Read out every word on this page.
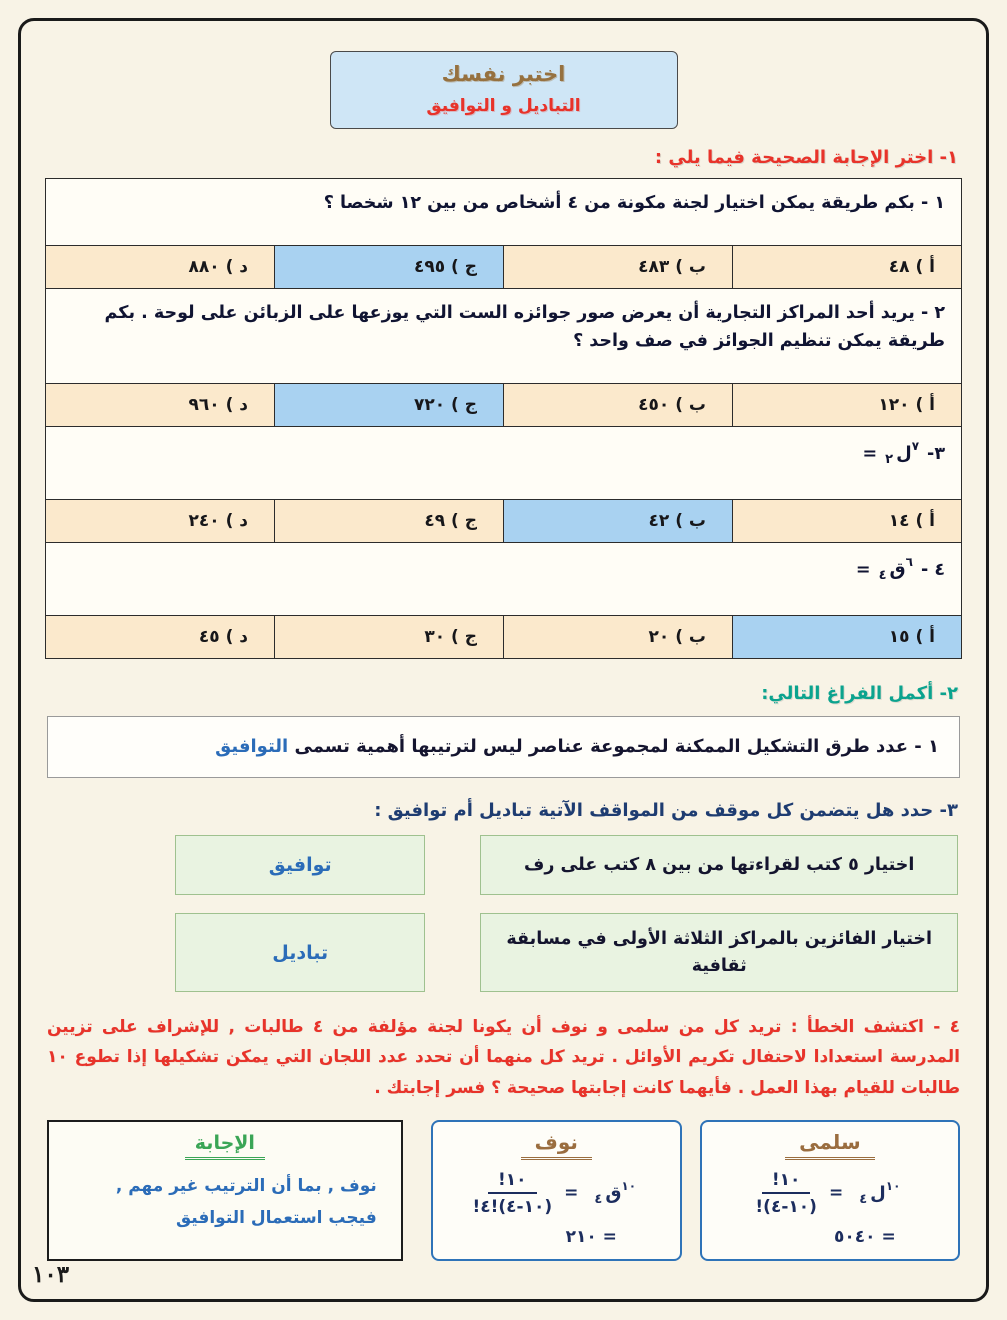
اختبر نفسك
التباديل و التوافيق
١- اختر الإجابة الصحيحة فيما يلي :
١ - بكم طريقة يمكن اختيار لجنة مكونة من ٤ أشخاص من بين ١٢ شخصا ؟			
أ ) ٤٨	ب ) ٤٨٣	ج ) ٤٩٥	د ) ٨٨٠
٢ - يريد أحد المراكز التجارية أن يعرض صور جوائزه الست التي يوزعها على الزبائن على لوحة . بكم طريقة يمكن تنظيم الجوائز في صف واحد ؟			
أ ) ١٢٠	ب ) ٤٥٠	ج ) ٧٢٠	د ) ٩٦٠
٣-$^٧$ل$_٢$=			
أ ) ١٤	ب ) ٤٢	ج ) ٤٩	د ) ٢٤٠
٤ -$^٦$ق$_٤$=			
أ ) ١٥	ب ) ٢٠	ج ) ٣٠	د ) ٤٥
٢- أكمل الفراغ التالي:
١ - عدد طرق التشكيل الممكنة لمجموعة عناصر ليس لترتيبها أهمية تسمى التوافيق
٣- حدد هل يتضمن كل موقف من المواقف الآتية تباديل أم توافيق :
اختيار ٥ كتب لقراءتها من بين ٨ كتب على رف
توافيق
اختيار الفائزين بالمراكز الثلاثة الأولى في مسابقة ثقافية
تباديل
٤ - اكتشف الخطأ : تريد كل من سلمى و نوف أن يكونا لجنة مؤلفة من ٤ طالبات , للإشراف على تزيين المدرسة استعدادا لاحتفال تكريم الأوائل . تريد كل منهما أن تحدد عدد اللجان التي يمكن تشكيلها إذا تطوع ١٠ طالبات للقيام بهذا العمل . فأيهما كانت إجابتها صحيحة ؟ فسر إجابتك .
سلمى
$^{١٠}$ل$_٤$
=
$\frac{١٠!}{(١٠-٤)!}$
= ٥٠٤٠
نوف
$^{١٠}$ق$_٤$
=
$\frac{١٠!}{(١٠-٤)!٤!}$
= ٢١٠
الإجابة
نوف , بما أن الترتيب غير مهم ,
فيجب استعمال التوافيق
١٠٣
